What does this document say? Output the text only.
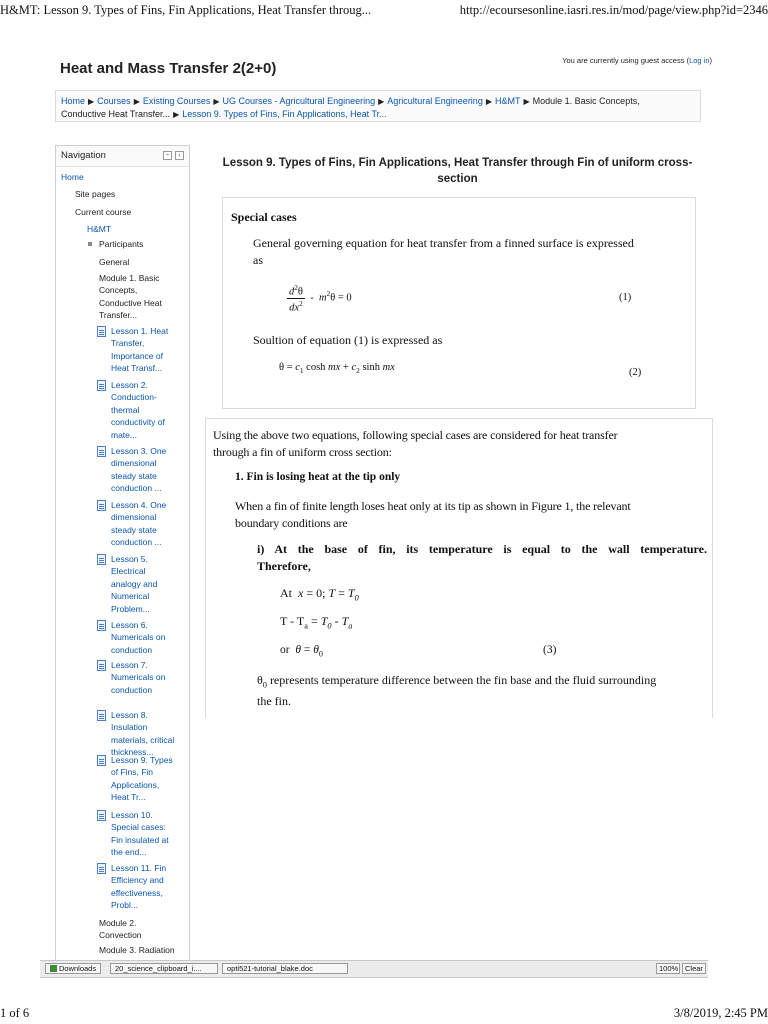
H&MT: Lesson 9. Types of Fins, Fin Applications, Heat Transfer throug...	http://ecoursesonline.iasri.res.in/mod/page/view.php?id=2346
Heat and Mass Transfer 2(2+0)	You are currently using guest access (Log in)
Home ▶ Courses ▶ Existing Courses ▶ UG Courses - Agricultural Engineering ▶ Agricultural Engineering ▶ H&MT ▶ Module 1. Basic Concepts,
Conductive Heat Transfer... ▶ Lesson 9. Types of Fins, Fin Applications, Heat Tr...
Navigation	−	‹
Home
Site pages
Current course
H&MT
Participants
General
Module 1. Basic
Concepts,
Conductive Heat
Transfer...
Lesson 1. Heat
Transfer,
Importance of
Heat Transf...
Lesson 2.
Conduction-
thermal
conductivity of
mate...
Lesson 3. One
dimensional
steady state
conduction ...
Lesson 4. One
dimensional
steady state
conduction ...
Lesson 5.
Electrical
analogy and
Numerical
Problem...
Lesson 6.
Numericals on
conduction
Lesson 7.
Numericals on
conduction
Lesson 8.
Insulation
materials, critical
thickness...
Lesson 9. Types
of Fins, Fin
Applications,
Heat Tr...
Lesson 10.
Special cases:
Fin insulated at
the end...
Lesson 11. Fin
Efficiency and
effectiveness,
Probl...
Module 2.
Convection
Module 3. Radiation
Lesson 9. Types of Fins, Fin Applications, Heat Transfer through Fin of uniform cross-
section
Special cases
General governing equation for heat transfer from a finned surface is expressed
as
$\frac{d^2\theta}{dx^2} - m^2\theta = 0$	(1)
Soultion of equation (1) is expressed as
$\theta = c_1$ cosh mx + $c_2$ sinh mx	(2)
Using the above two equations, following special cases are considered for heat transfer
through a fin of uniform cross section:
1. Fin is losing heat at the tip only
When a fin of finite length loses heat only at its tip as shown in Figure 1, the relevant
boundary conditions are
i) At the base of fin, its temperature is equal to the wall temperature.
Therefore,
At  x = 0; $T = T_0$
$T - T_a = T_0 - T_a$
or  $\theta = \theta_0$	(3)
$\theta_0$ represents temperature difference between the fin base and the fluid surrounding
the fin.
Downloads	20_science_clipboard_i....	opti521-tutorial_blake.doc	100% Clear
1 of 6	3/8/2019, 2:45 PM
